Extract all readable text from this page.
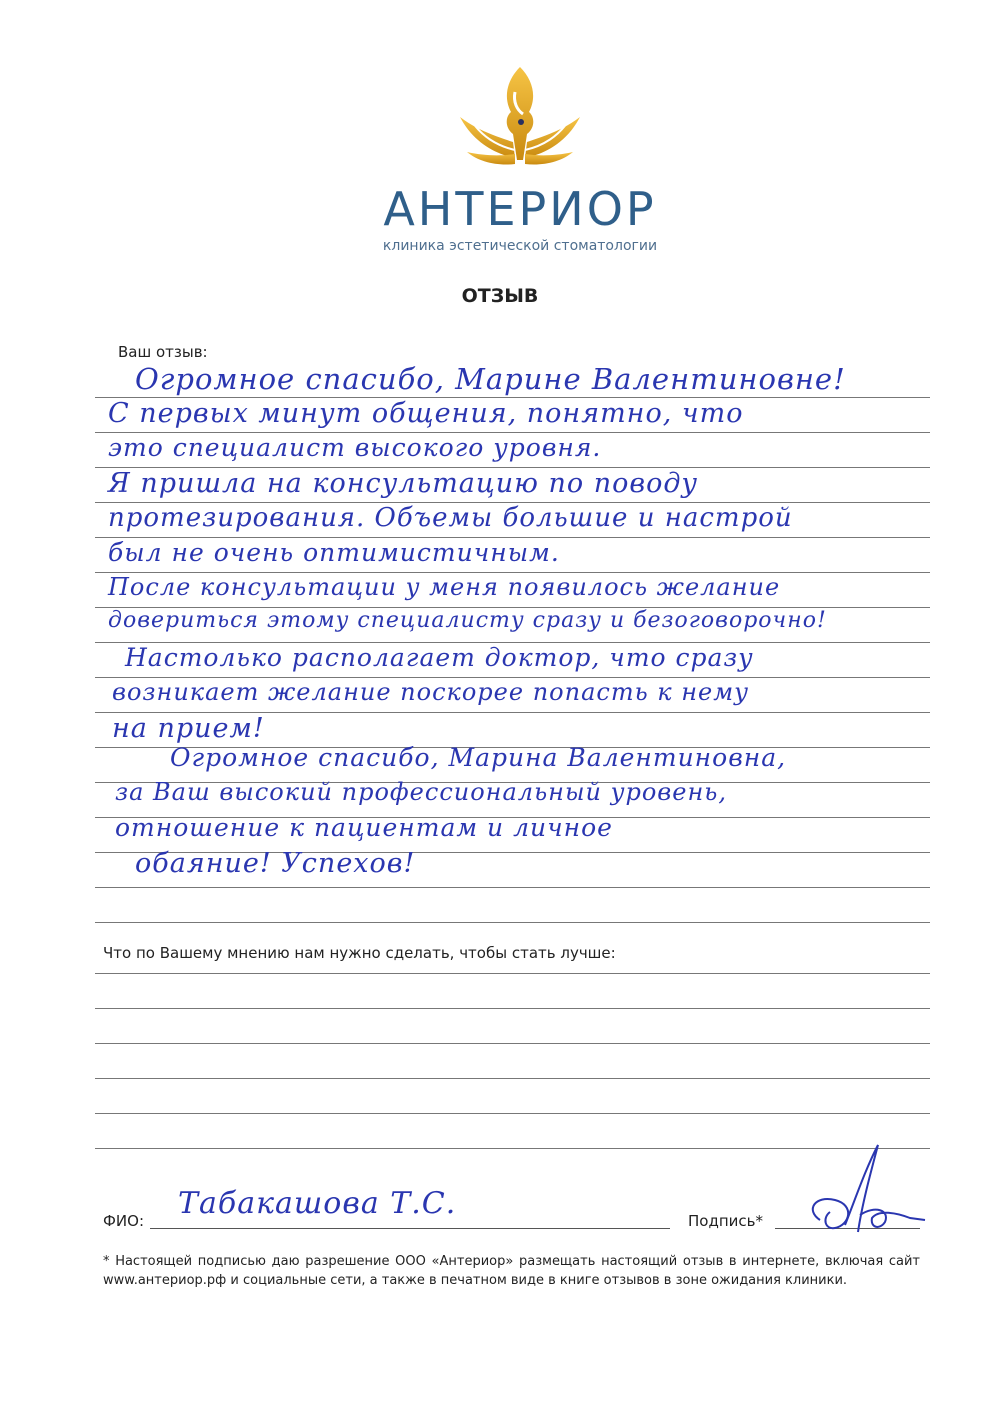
АНТЕРИОР
клиника эстетической стоматологии
ОТЗЫВ
Ваш отзыв:
Огромное спасибо, Марине Валентиновне!
С первых минут общения, понятно, что
это специалист высокого уровня.
Я пришла на консультацию по поводу
протезирования. Объемы большие и настрой
был не очень оптимистичным.
После консультации у меня появилось желание
довериться этому специалисту сразу и безоговорочно!
Настолько располагает доктор, что сразу
возникает желание поскорее попасть к нему
на прием!
Огромное спасибо, Марина Валентиновна,
за Ваш высокий профессиональный уровень,
отношение к пациентам и личное
обаяние! Успехов!
Что по Вашему мнению нам нужно сделать, чтобы стать лучше:
ФИО: Табакашова Т.С.	Подпись*
* Настоящей подписью даю разрешение ООО «Антериор» размещать настоящий отзыв в интернете, включая сайт www.антериор.рф и социальные сети, а также в печатном виде в книге отзывов в зоне ожидания клиники.
